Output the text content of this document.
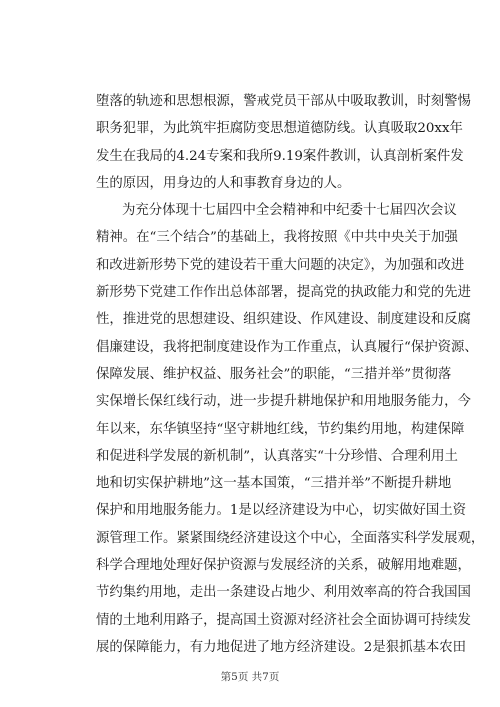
堕落的轨迹和思想根源，警戒党员干部从中吸取教训，时刻警惕
职务犯罪，为此筑牢拒腐防变思想道德防线。认真吸取20xx年
发生在我局的4.24专案和我所9.19案件教训，认真剖析案件发
生的原因，用身边的人和事教育身边的人。
为充分体现十七届四中全会精神和中纪委十七届四次会议
精神。在“三个结合”的基础上，我将按照《中共中央关于加强
和改进新形势下党的建设若干重大问题的决定》，为加强和改进
新形势下党建工作作出总体部署，提高党的执政能力和党的先进
性，推进党的思想建设、组织建设、作风建设、制度建设和反腐
倡廉建设，我将把制度建设作为工作重点，认真履行“保护资源、
保障发展、维护权益、服务社会”的职能，“三措并举”贯彻落
实保增长保红线行动，进一步提升耕地保护和用地服务能力，今
年以来，东华镇坚持“坚守耕地红线，节约集约用地，构建保障
和促进科学发展的新机制”，认真落实“十分珍惜、合理利用土
地和切实保护耕地”这一基本国策，“三措并举”不断提升耕地
保护和用地服务能力。1是以经济建设为中心，切实做好国土资
源管理工作。紧紧围绕经济建设这个中心，全面落实科学发展观，
科学合理地处理好保护资源与发展经济的关系，破解用地难题，
节约集约用地，走出一条建设占地少、利用效率高的符合我国国
情的土地利用路子，提高国土资源对经济社会全面协调可持续发
展的保障能力，有力地促进了地方经济建设。2是狠抓基本农田
第5页 共7页
